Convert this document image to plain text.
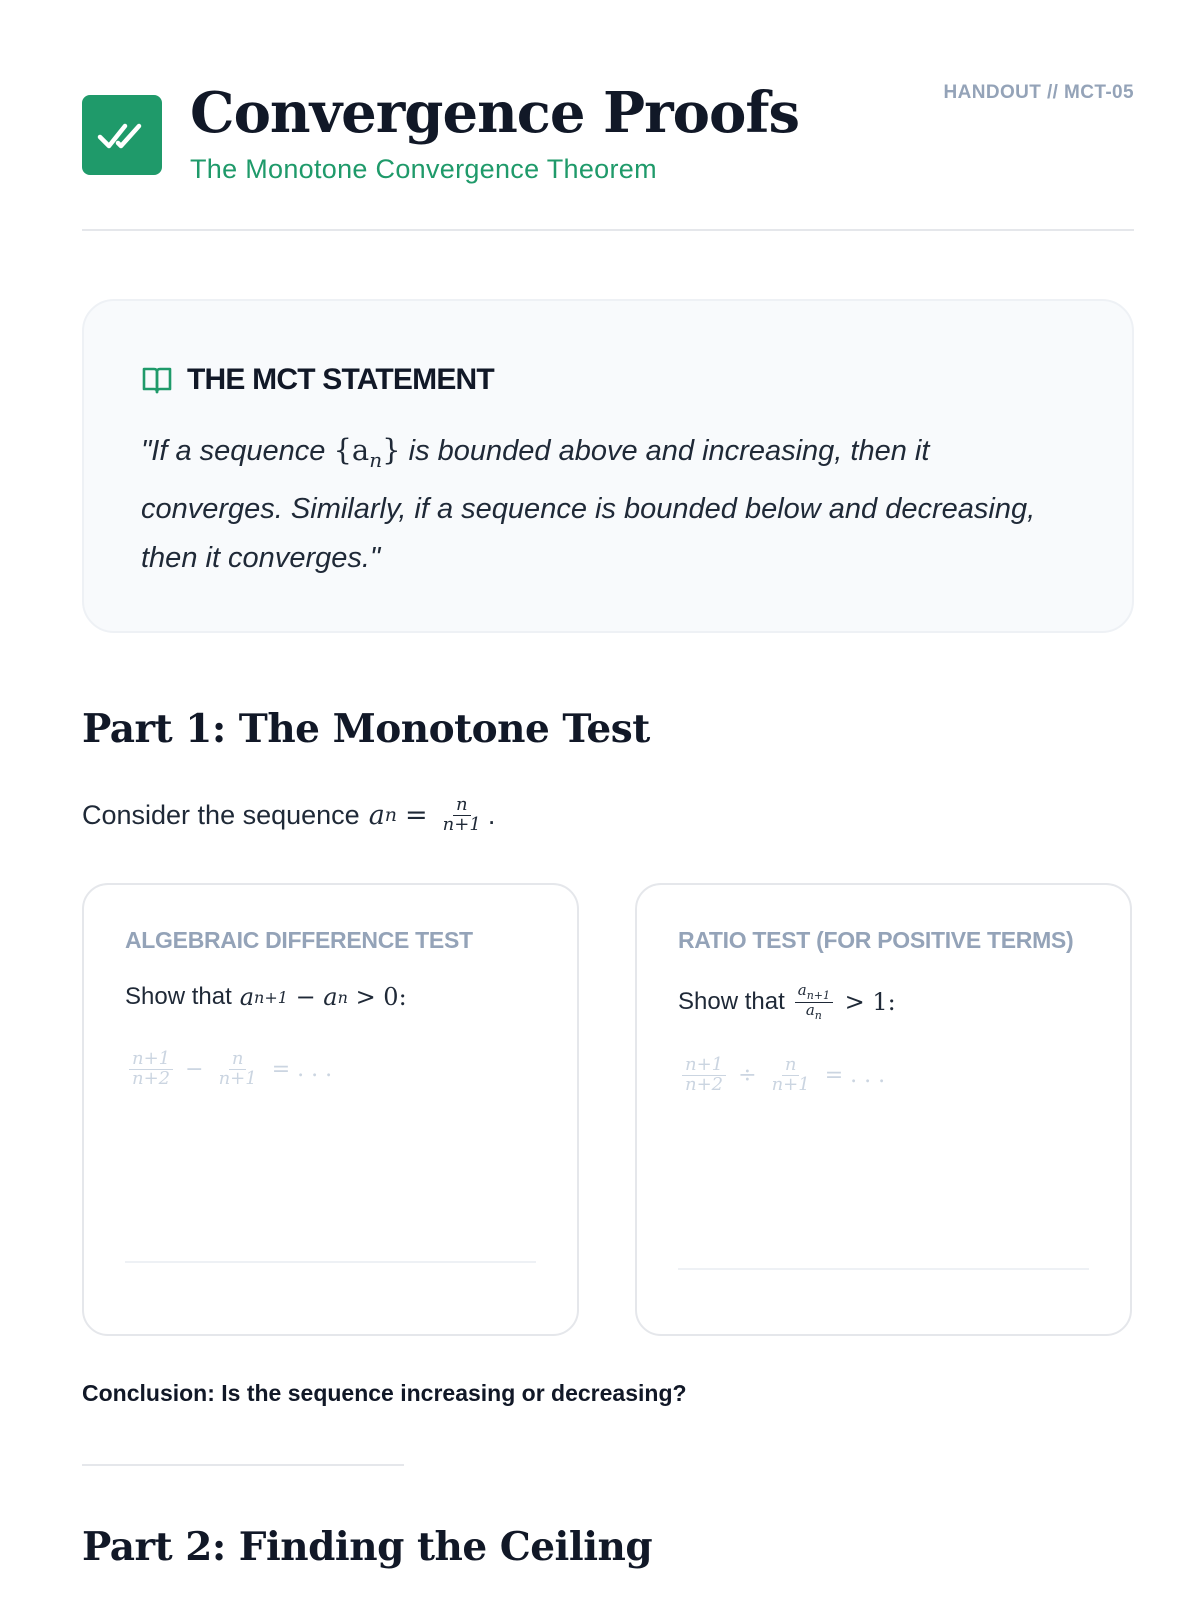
Convergence Proofs
The Monotone Convergence Theorem
HANDOUT // MCT-05
THE MCT STATEMENT

"If a sequence $\{a_n\}$ is bounded above and increasing, then it converges. Similarly, if a sequence is bounded below and decreasing, then it converges."

Part 1: The Monotone Test
Consider the sequence a $n = \frac{n}{n+1}$ .
ALGEBRAIC DIFFERENCE TEST
Show that a n+1 − a n > 0:
$\frac{n+1}{n+2} - \frac{n}{n+1}$ = . . .
RATIO TEST (FOR POSITIVE TERMS)
Show that $\frac{a_{n+1}}{a_n} > 1$:
$\frac{n+1}{n+2} \div \frac{n}{n+1}$ = . . .
Conclusion: Is the sequence increasing or decreasing?
Part 2: Finding the Ceiling
